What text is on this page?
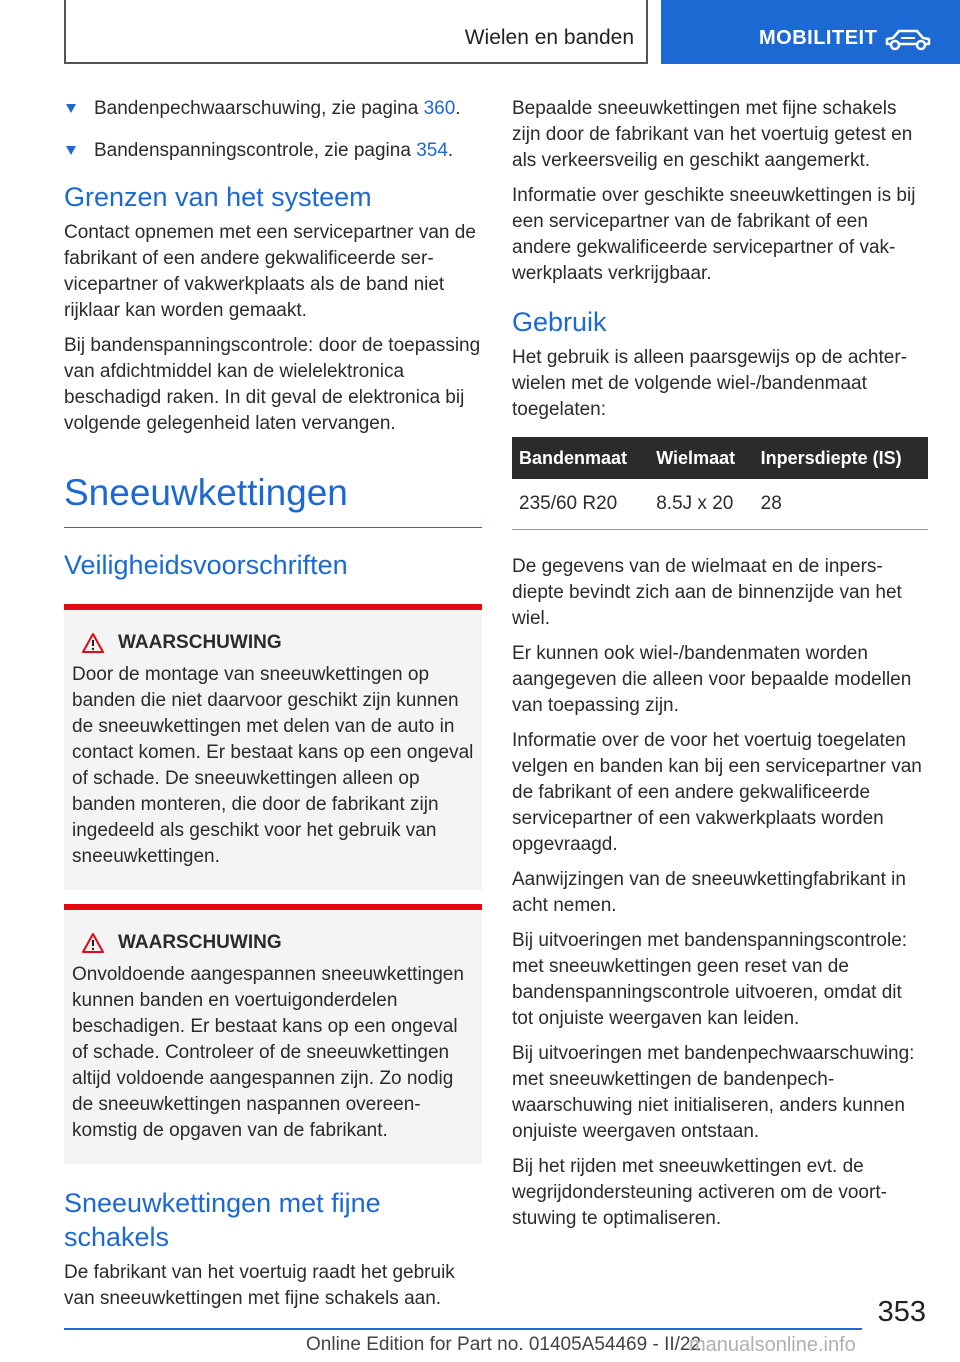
Wielen en banden	MOBILITEIT
Bandenpechwaarschuwing, zie pagina 360.
Bandenspanningscontrole, zie pagina 354.
Grenzen van het systeem

Contact opnemen met een servicepartner van de fabrikant of een andere gekwalificeerde servicepartner of vakwerkplaats als de band niet rijklaar kan worden gemaakt.

Bij bandenspanningscontrole: door de toepassing van afdichtmiddel kan de wielelektronica beschadigd raken. In dit geval de elektronica bij volgende gelegenheid laten vervangen.

Sneeuwkettingen
Veiligheidsvoorschriften
WAARSCHUWING

Door de montage van sneeuwkettingen op banden die niet daarvoor geschikt zijn kunnen de sneeuwkettingen met delen van de auto in contact komen. Er bestaat kans op een ongeval of schade. De sneeuwkettingen alleen op banden monteren, die door de fabrikant zijn ingedeeld als geschikt voor het gebruik van sneeuwkettingen.

WAARSCHUWING

Onvoldoende aangespannen sneeuwkettingen kunnen banden en voertuigonderdelen beschadigen. Er bestaat kans op een ongeval of schade. Controleer of de sneeuwkettingen altijd voldoende aangespannen zijn. Zo nodig de sneeuwkettingen naspannen overeenkomstig de opgaven van de fabrikant.

Sneeuwkettingen met fijne schakels

De fabrikant van het voertuig raadt het gebruik van sneeuwkettingen met fijne schakels aan.

Bepaalde sneeuwkettingen met fijne schakels zijn door de fabrikant van het voertuig getest en als verkeersveilig en geschikt aangemerkt.

Informatie over geschikte sneeuwkettingen is bij een servicepartner van de fabrikant of een andere gekwalificeerde servicepartner of vakwerkplaats verkrijgbaar.

Gebruik

Het gebruik is alleen paarsgewijs op de achterwielen met de volgende wiel-/bandenmaat toegelaten:

Bandenmaat	Wielmaat	Inpersdiepte (IS)
235/60 R20	8.5J x 20	28

De gegevens van de wielmaat en de inpersdiepte bevindt zich aan de binnenzijde van het wiel.

Er kunnen ook wiel-/bandenmaten worden aangegeven die alleen voor bepaalde modellen van toepassing zijn.

Informatie over de voor het voertuig toegelaten velgen en banden kan bij een servicepartner van de fabrikant of een andere gekwalificeerde servicepartner of een vakwerkplaats worden opgevraagd.

Aanwijzingen van de sneeuwkettingfabrikant in acht nemen.

Bij uitvoeringen met bandenspanningscontrole: met sneeuwkettingen geen reset van de bandenspanningscontrole uitvoeren, omdat dit tot onjuiste weergaven kan leiden.

Bij uitvoeringen met bandenpechwaarschuwing: met sneeuwkettingen de bandenpechwaarschuwing niet initialiseren, anders kunnen onjuiste weergaven ontstaan.

Bij het rijden met sneeuwkettingen evt. de wegrijdondersteuning activeren om de voortstuwing te optimaliseren.

353
Online Edition for Part no. 01405A54469 - II/22
manualsonline.info
